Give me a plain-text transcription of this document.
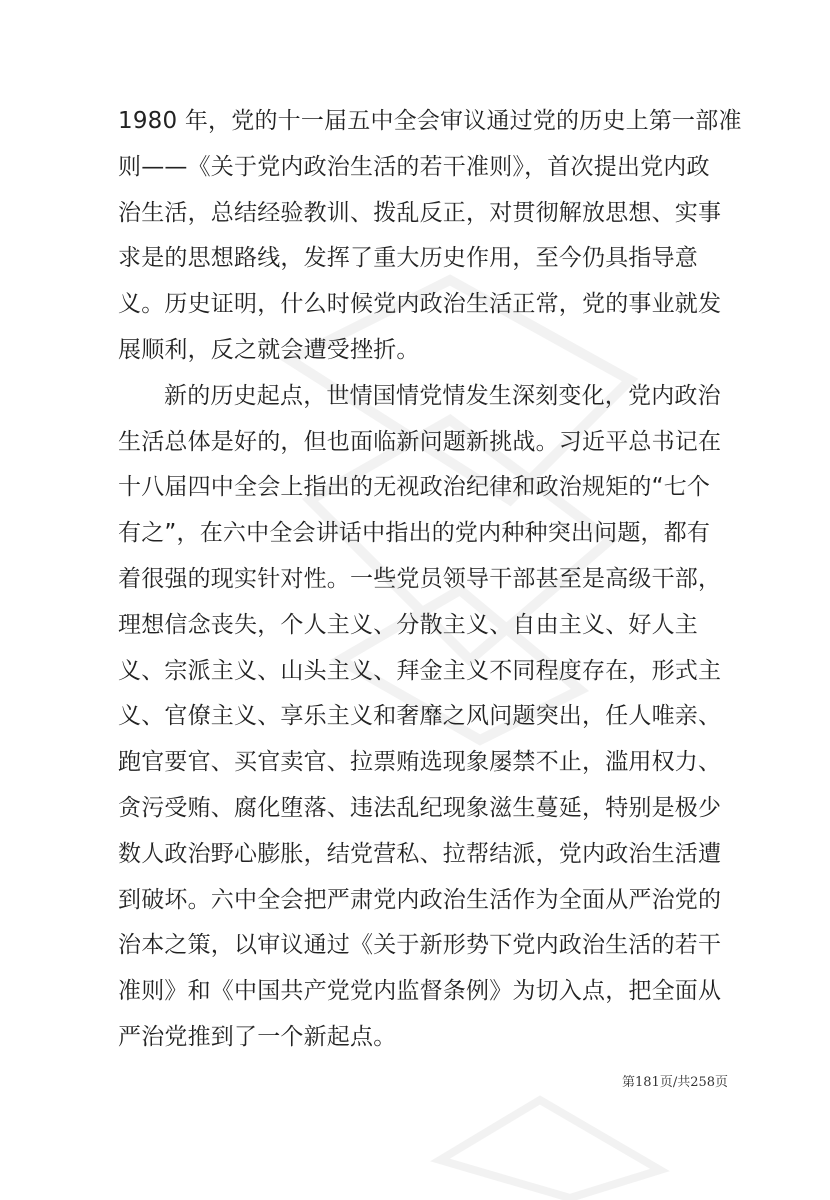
1980 年，党的十一届五中全会审议通过党的历史上第一部准
则——《关于党内政治生活的若干准则》，首次提出党内政
治生活，总结经验教训、拨乱反正，对贯彻解放思想、实事
求是的思想路线，发挥了重大历史作用，至今仍具指导意
义。历史证明，什么时候党内政治生活正常，党的事业就发
展顺利，反之就会遭受挫折。
新的历史起点，世情国情党情发生深刻变化，党内政治
生活总体是好的，但也面临新问题新挑战。习近平总书记在
十八届四中全会上指出的无视政治纪律和政治规矩的“七个
有之”，在六中全会讲话中指出的党内种种突出问题，都有
着很强的现实针对性。一些党员领导干部甚至是高级干部，
理想信念丧失，个人主义、分散主义、自由主义、好人主
义、宗派主义、山头主义、拜金主义不同程度存在，形式主
义、官僚主义、享乐主义和奢靡之风问题突出，任人唯亲、
跑官要官、买官卖官、拉票贿选现象屡禁不止，滥用权力、
贪污受贿、腐化堕落、违法乱纪现象滋生蔓延，特别是极少
数人政治野心膨胀，结党营私、拉帮结派，党内政治生活遭
到破坏。六中全会把严肃党内政治生活作为全面从严治党的
治本之策，以审议通过《关于新形势下党内政治生活的若干
准则》和《中国共产党党内监督条例》为切入点，把全面从
严治党推到了一个新起点。
第181页/共258页
